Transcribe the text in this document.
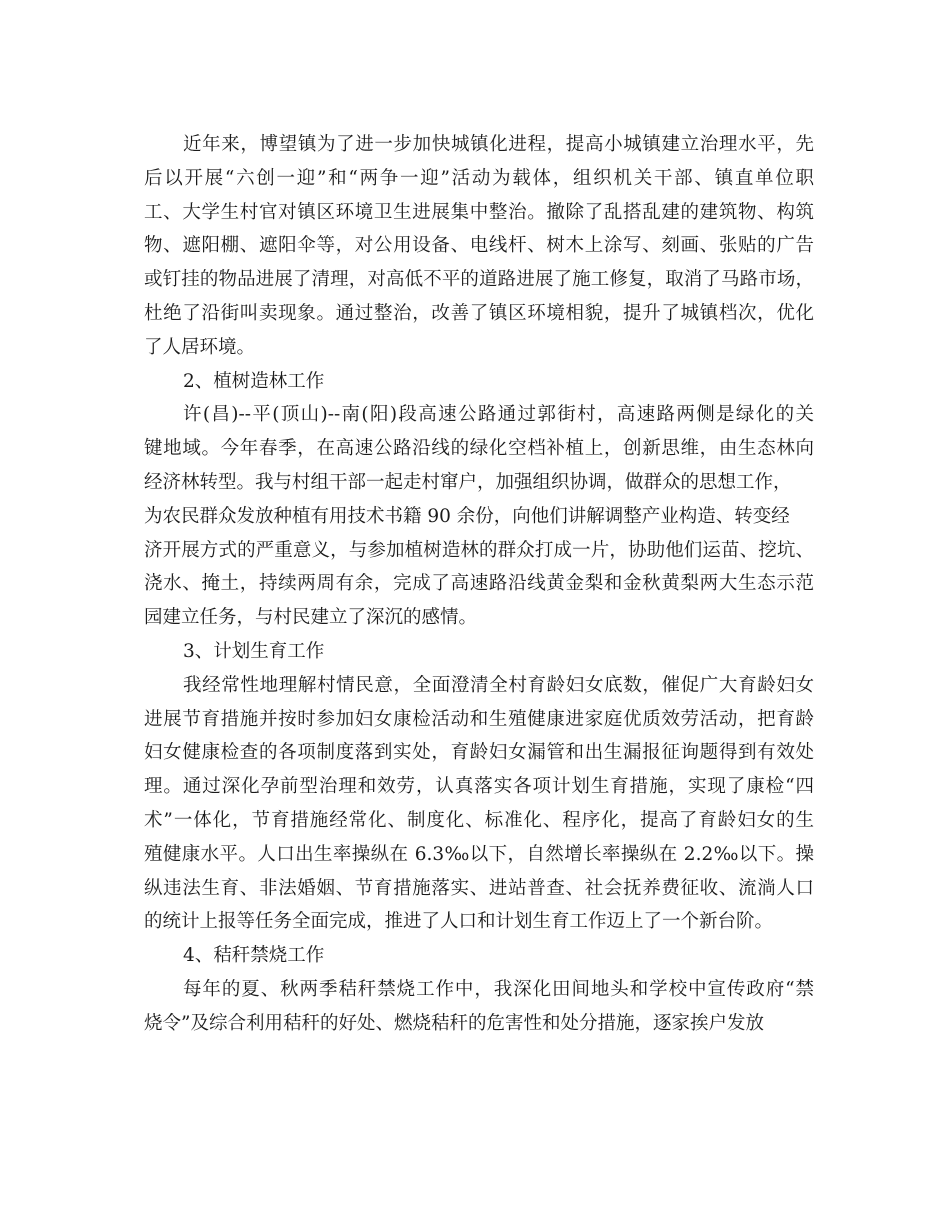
近年来，博望镇为了进一步加快城镇化进程，提高小城镇建立治理水平，先
后以开展“六创一迎”和“两争一迎”活动为载体，组织机关干部、镇直单位职
工、大学生村官对镇区环境卫生进展集中整治。撤除了乱搭乱建的建筑物、构筑
物、遮阳棚、遮阳伞等，对公用设备、电线杆、树木上涂写、刻画、张贴的广告
或钉挂的物品进展了清理，对高低不平的道路进展了施工修复，取消了马路市场，
杜绝了沿街叫卖现象。通过整治，改善了镇区环境相貌，提升了城镇档次，优化
了人居环境。
2、植树造林工作
许(昌)--平(顶山)--南(阳)段高速公路通过郭街村，高速路两侧是绿化的关
键地域。今年春季，在高速公路沿线的绿化空档补植上，创新思维，由生态林向
经济林转型。我与村组干部一起走村窜户，加强组织协调，做群众的思想工作，
为农民群众发放种植有用技术书籍 90 余份，向他们讲解调整产业构造、转变经
济开展方式的严重意义，与参加植树造林的群众打成一片，协助他们运苗、挖坑、
浇水、掩土，持续两周有余，完成了高速路沿线黄金梨和金秋黄梨两大生态示范
园建立任务，与村民建立了深沉的感情。
3、计划生育工作
我经常性地理解村情民意，全面澄清全村育龄妇女底数，催促广大育龄妇女
进展节育措施并按时参加妇女康检活动和生殖健康进家庭优质效劳活动，把育龄
妇女健康检查的各项制度落到实处，育龄妇女漏管和出生漏报征询题得到有效处
理。通过深化孕前型治理和效劳，认真落实各项计划生育措施，实现了康检“四
术”一体化，节育措施经常化、制度化、标准化、程序化，提高了育龄妇女的生
殖健康水平。人口出生率操纵在 6.3‰以下，自然增长率操纵在 2.2‰以下。操
纵违法生育、非法婚姻、节育措施落实、进站普查、社会抚养费征收、流淌人口
的统计上报等任务全面完成，推进了人口和计划生育工作迈上了一个新台阶。
4、秸秆禁烧工作
每年的夏、秋两季秸秆禁烧工作中，我深化田间地头和学校中宣传政府“禁
烧令”及综合利用秸秆的好处、燃烧秸秆的危害性和处分措施，逐家挨户发放
